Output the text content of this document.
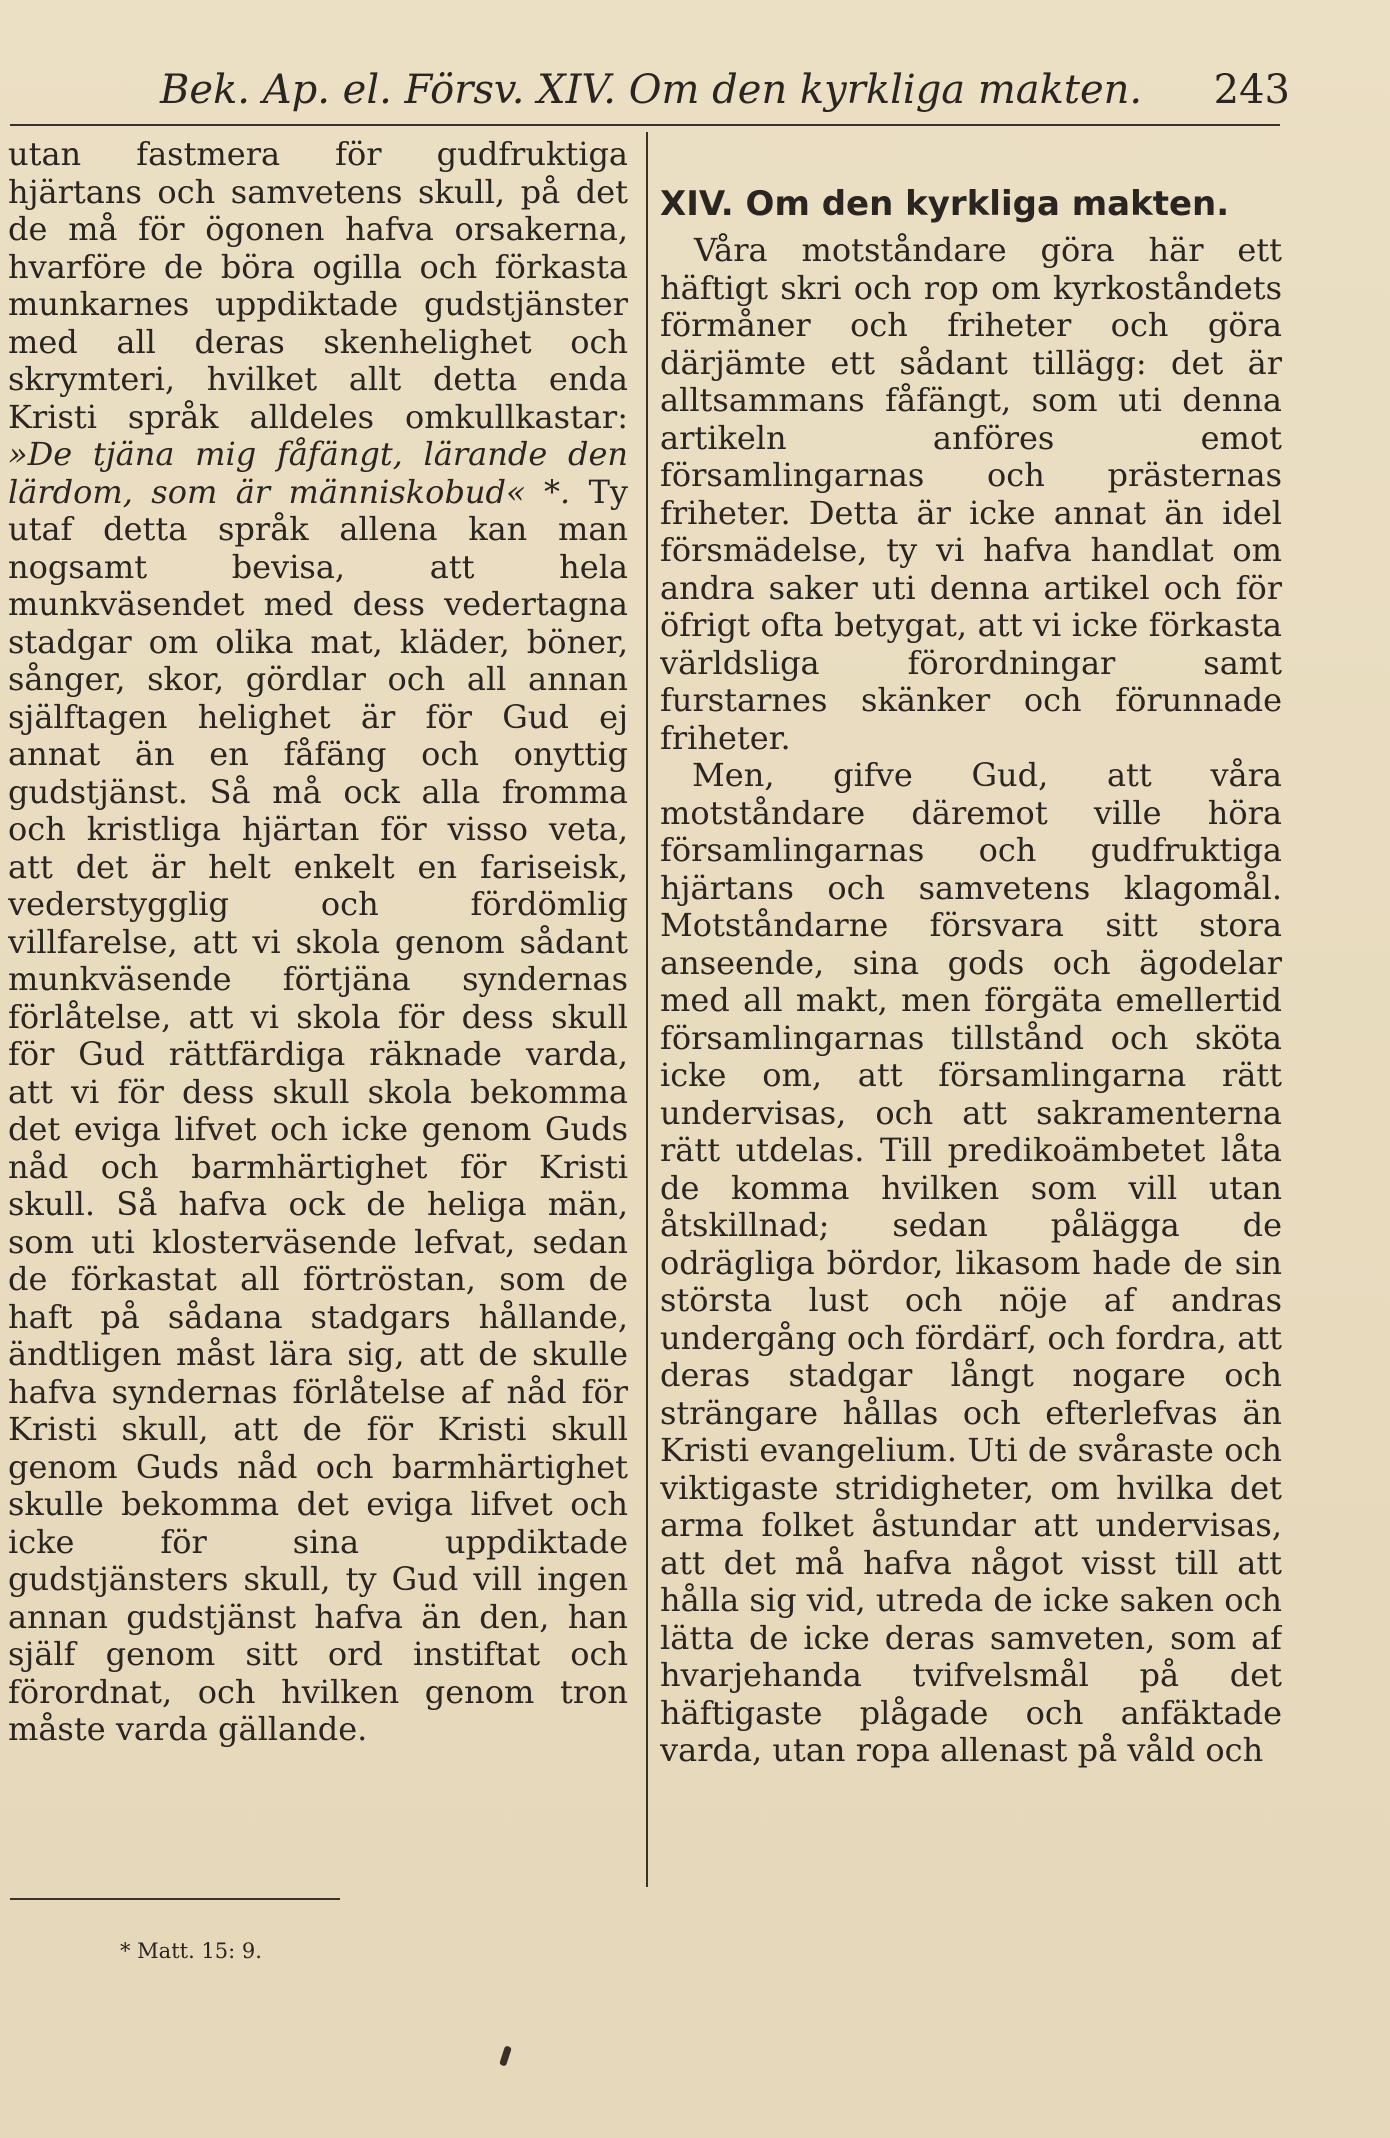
Bek. Ap. el. Försv. XIV. Om den kyrkliga makten. 243

utan fastmera för gudfruktiga hjärtans och samvetens skull, på det de må för ögonen hafva orsakerna, hvarföre de böra ogilla och förkasta munkarnes uppdiktade gudstjänster med all deras skenhelighet och skrymteri, hvilket allt detta enda Kristi språk alldeles omkullkastar: »De tjäna mig fåfängt, lärande den lärdom, som är människobud« *. Ty utaf detta språk allena kan man nogsamt bevisa, att hela munkväsendet med dess vedertagna stadgar om olika mat, kläder, böner, sånger, skor, gördlar och all annan själftagen helighet är för Gud ej annat än en fåfäng och onyttig gudstjänst. Så må ock alla fromma och kristliga hjärtan för visso veta, att det är helt enkelt en fariseisk, vederstygglig och fördömlig villfarelse, att vi skola genom sådant munkväsende förtjäna syndernas förlåtelse, att vi skola för dess skull för Gud rättfärdiga räknade varda, att vi för dess skull skola bekomma det eviga lifvet och icke genom Guds nåd och barmhärtighet för Kristi skull. Så hafva ock de heliga män, som uti klosterväsende lefvat, sedan de förkastat all förtröstan, som de haft på sådana stadgars hållande, ändtligen måst lära sig, att de skulle hafva syndernas förlåtelse af nåd för Kristi skull, att de för Kristi skull genom Guds nåd och barmhärtighet skulle bekomma det eviga lifvet och icke för sina uppdiktade gudstjänsters skull, ty Gud vill ingen annan gudstjänst hafva än den, han själf genom sitt ord instiftat och förordnat, och hvilken genom tron måste varda gällande.

XIV. Om den kyrkliga makten.

Våra motståndare göra här ett häftigt skri och rop om kyrkoståndets förmåner och friheter och göra därjämte ett sådant tillägg: det är alltsammans fåfängt, som uti denna artikeln anföres emot församlingarnas och prästernas friheter. Detta är icke annat än idel försmädelse, ty vi hafva handlat om andra saker uti denna artikel och för öfrigt ofta betygat, att vi icke förkasta världsliga förordningar samt furstarnes skänker och förunnade friheter.

Men, gifve Gud, att våra motståndare däremot ville höra församlingarnas och gudfruktiga hjärtans och samvetens klagomål. Motståndarne försvara sitt stora anseende, sina gods och ägodelar med all makt, men förgäta emellertid församlingarnas tillstånd och sköta icke om, att församlingarna rätt undervisas, och att sakramenterna rätt utdelas. Till predikoämbetet låta de komma hvilken som vill utan åtskillnad; sedan pålägga de odrägliga bördor, likasom hade de sin största lust och nöje af andras undergång och fördärf, och fordra, att deras stadgar långt nogare och strängare hållas och efterlefvas än Kristi evangelium. Uti de svåraste och viktigaste stridigheter, om hvilka det arma folket åstundar att undervisas, att det må hafva något visst till att hålla sig vid, utreda de icke saken och lätta de icke deras samveten, som af hvarjehanda tvifvelsmål på det häftigaste plågade och anfäktade varda, utan ropa allenast på våld och

* Matt. 15: 9.
